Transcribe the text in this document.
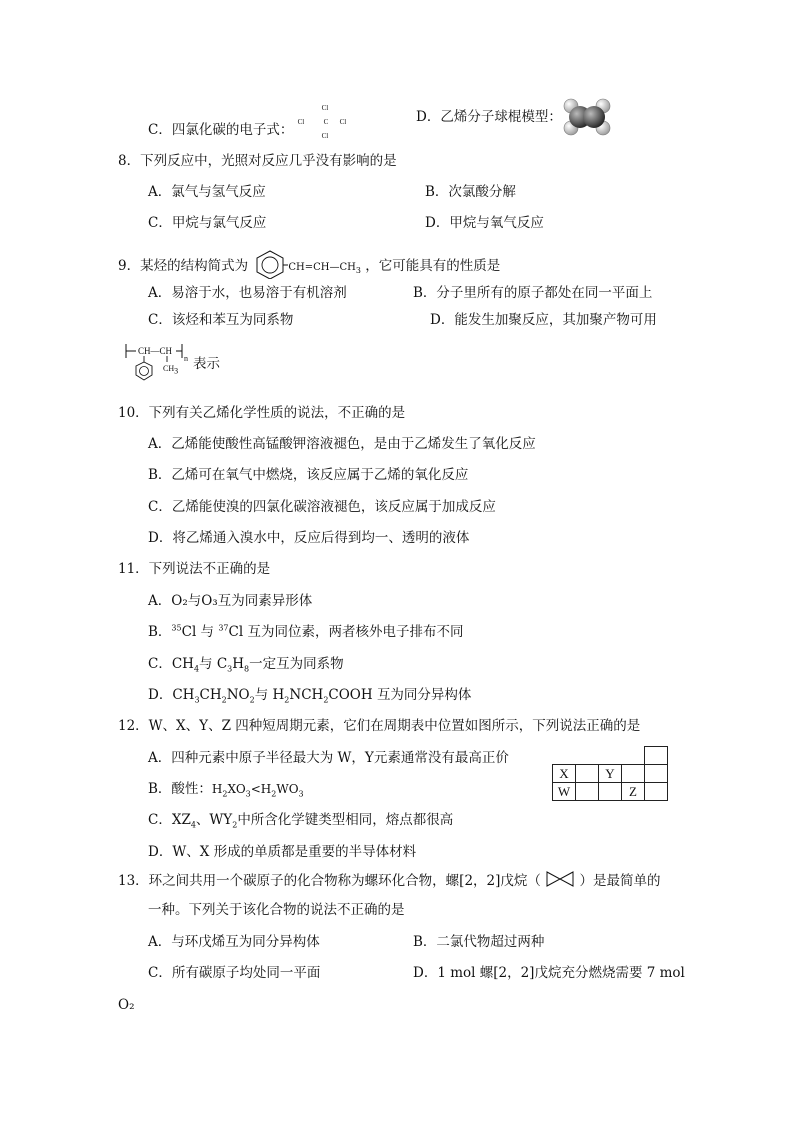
C．四氯化碳的电子式：
Cl
Cl	C Cl
Cl
D．乙烯分子球棍模型：
8．下列反应中，光照对反应几乎没有影响的是
A．氯气与氢气反应	B．次氯酸分解
C．甲烷与氯气反应	D．甲烷与氧气反应
9．某烃的结构简式为	$CH=CH—CH_3$ ，它可能具有的性质是
A．易溶于水，也易溶于有机溶剂	B．分子里所有的原子都处在同一平面上
C．该烃和苯互为同系物	D．能发生加聚反应，其加聚产物可用
CH—CH
$CH_3$
n 表示
10．下列有关乙烯化学性质的说法，不正确的是
A．乙烯能使酸性高锰酸钾溶液褪色，是由于乙烯发生了氧化反应
B．乙烯可在氧气中燃烧，该反应属于乙烯的氧化反应
C．乙烯能使溴的四氯化碳溶液褪色，该反应属于加成反应
D．将乙烯通入溴水中，反应后得到均一、透明的液体
11．下列说法不正确的是
A．O₂与O₃互为同素异形体
B．$^{35}$Cl 与 $^{37}$Cl 互为同位素，两者核外电子排布不同
C．$CH_4$与 $C_3H_8$一定互为同系物
D．$CH_3CH_2NO_2$与 $H_2NCH_2COOH$ 互为同分异构体
12．W、X、Y、Z 四种短周期元素，它们在周期表中位置如图所示，下列说法正确的是
A．四种元素中原子半径最大为 W，Y元素通常没有最高正价
B．酸性：$H_2XO_3<H_2WO_3$
C．$XZ_4$、$WY_2$中所含化学键类型相同，熔点都很高
D．W、X 形成的单质都是重要的半导体材料

X		Y		
W			Z	
13．环之间共用一个碳原子的化合物称为螺环化合物，螺[2，2]戊烷（	）是最简单的
一种。下列关于该化合物的说法不正确的是
A．与环戊烯互为同分异构体	B．二氯代物超过两种
C．所有碳原子均处同一平面	D．1 mol 螺[2，2]戊烷充分燃烧需要 7 mol
O₂
